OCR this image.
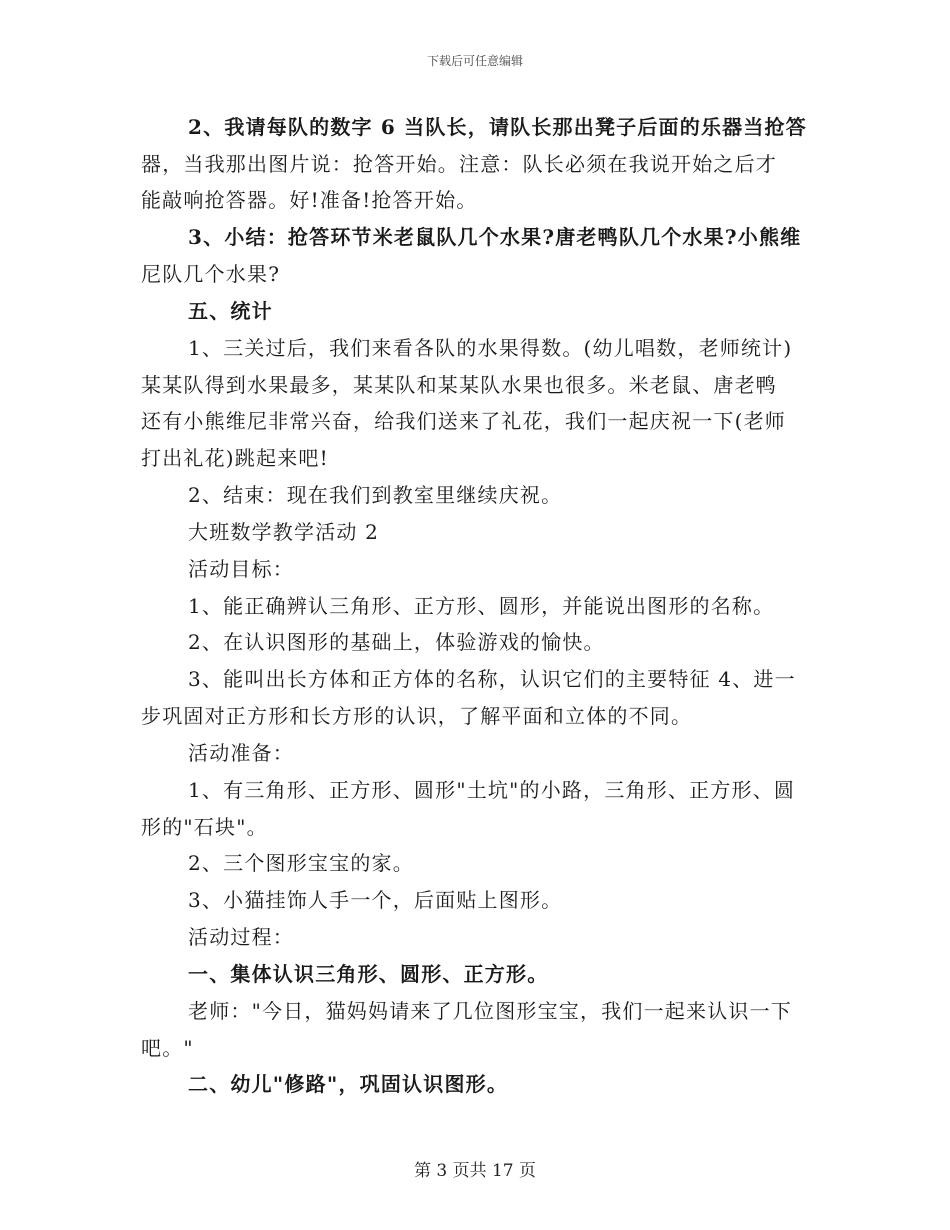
下载后可任意编辑
2、我请每队的数字 6 当队长，请队长那出凳子后面的乐器当抢答
器，当我那出图片说：抢答开始。注意：队长必须在我说开始之后才
能敲响抢答器。好!准备!抢答开始。
3、小结：抢答环节米老鼠队几个水果?唐老鸭队几个水果?小熊维
尼队几个水果?
五、统计
1、三关过后，我们来看各队的水果得数。(幼儿唱数，老师统计)
某某队得到水果最多，某某队和某某队水果也很多。米老鼠、唐老鸭
还有小熊维尼非常兴奋，给我们送来了礼花，我们一起庆祝一下(老师
打出礼花)跳起来吧!
2、结束：现在我们到教室里继续庆祝。
大班数学教学活动 2
活动目标：
1、能正确辨认三角形、正方形、圆形，并能说出图形的名称。
2、在认识图形的基础上，体验游戏的愉快。
3、能叫出长方体和正方体的名称，认识它们的主要特征 4、进一
步巩固对正方形和长方形的认识，了解平面和立体的不同。
活动准备：
1、有三角形、正方形、圆形"土坑"的小路，三角形、正方形、圆
形的"石块"。
2、三个图形宝宝的家。
3、小猫挂饰人手一个，后面贴上图形。
活动过程：
一、集体认识三角形、圆形、正方形。
老师："今日，猫妈妈请来了几位图形宝宝，我们一起来认识一下
吧。"
二、幼儿"修路"，巩固认识图形。
第 3 页共 17 页
